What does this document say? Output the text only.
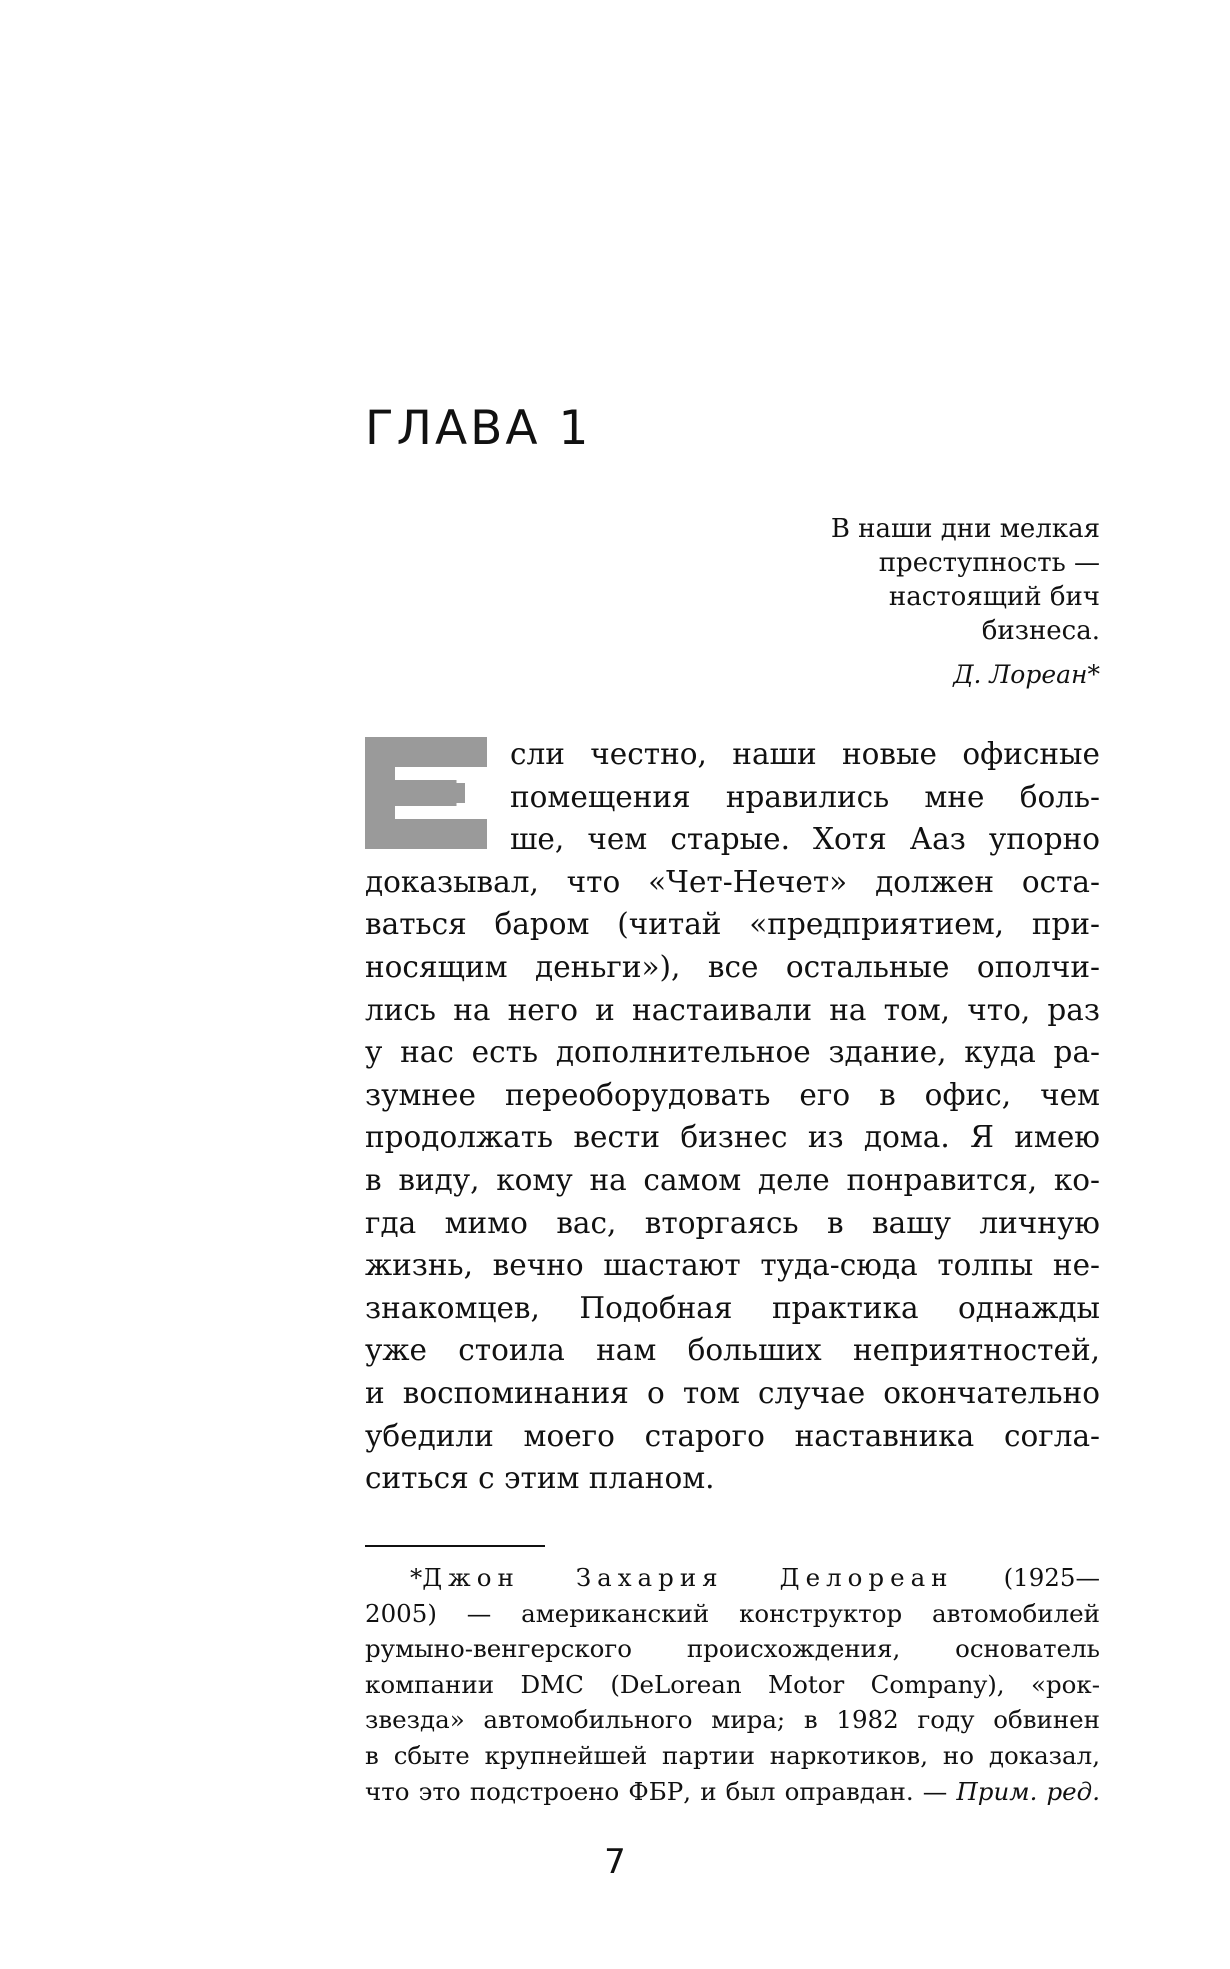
ГЛАВА 1
В наши дни мелкая
преступность —
настоящий бич
бизнеса.
Д. Лореан*
сли честно, наши новые офисные
помещения нравились мне боль-
ше, чем старые. Хотя Ааз упорно
доказывал, что «Чет-Нечет» должен оста-
ваться баром (читай «предприятием, при-
носящим деньги»), все остальные ополчи-
лись на него и настаивали на том, что, раз
у нас есть дополнительное здание, куда ра-
зумнее переоборудовать его в офис, чем
продолжать вести бизнес из дома. Я имею
в виду, кому на самом деле понравится, ко-
гда мимо вас, вторгаясь в вашу личную
жизнь, вечно шастают туда-сюда толпы не-
знакомцев, Подобная практика однажды
уже стоила нам больших неприятностей,
и воспоминания о том случае окончательно
убедили моего старого наставника согла-
ситься с этим планом.
*Джон Захария Делореан (1925—
2005) — американский конструктор автомобилей
румыно-венгерского происхождения, основатель
компании DMC (DeLorean Motor Company), «рок-
звезда» автомобильного мира; в 1982 году обвинен
в сбыте крупнейшей партии наркотиков, но доказал,
что это подстроено ФБР, и был оправдан. — Прим. ред.
7
